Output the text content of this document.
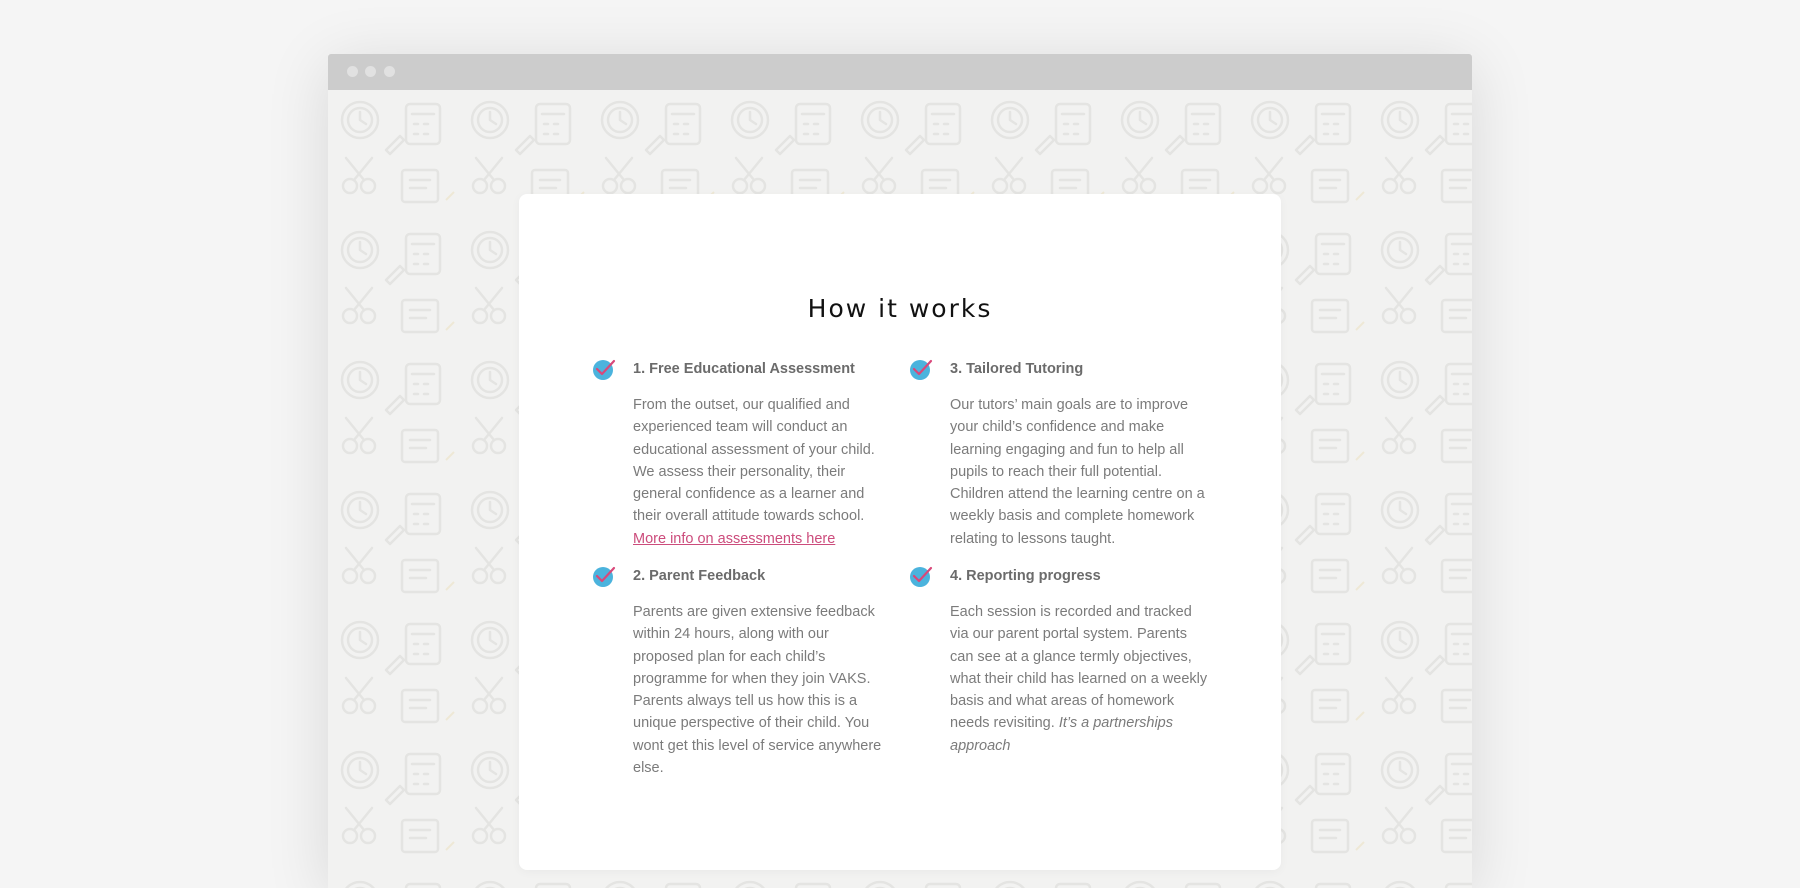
How it works
1. Free Educational Assessment
From the outset, our qualified and experienced team will conduct an educational assessment of your child. We assess their personality, their general confidence as a learner and their overall attitude towards school.
More info on assessments here
3. Tailored Tutoring
Our tutors’ main goals are to improve your child’s confidence and make learning engaging and fun to help all pupils to reach their full potential. Children attend the learning centre on a weekly basis and complete homework relating to lessons taught.
2. Parent Feedback
Parents are given extensive feedback within 24 hours, along with our proposed plan for each child’s programme for when they join VAKS. Parents always tell us how this is a unique perspective of their child. You wont get this level of service anywhere else.
4. Reporting progress
Each session is recorded and tracked via our parent portal system. Parents can see at a glance termly objectives, what their child has learned on a weekly basis and what areas of homework needs revisiting. It’s a partnerships approach
